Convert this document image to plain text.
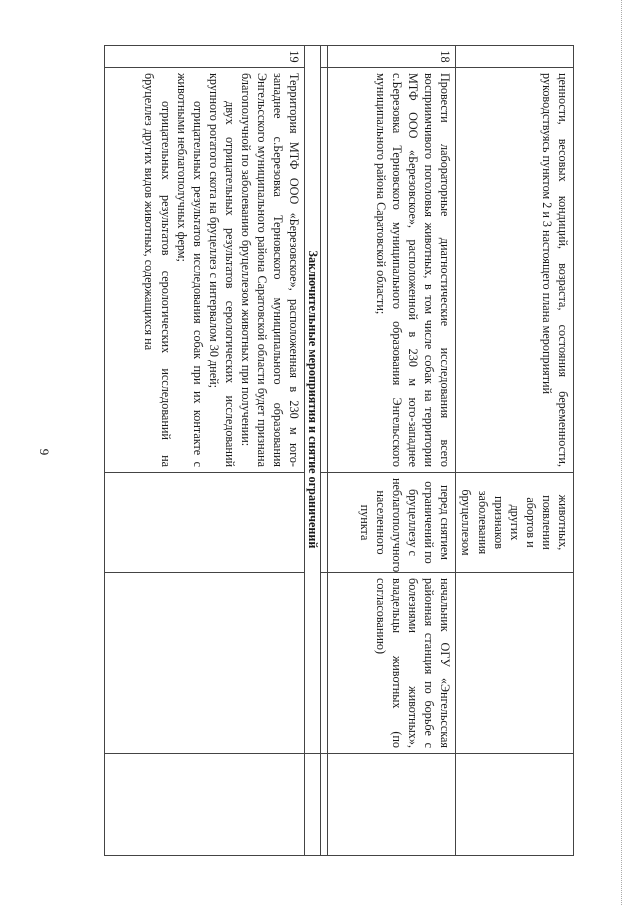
9
		ценности, весовых кондиций, возраста, состояния беременности, руководствуясь пунктом 2 и 3 настоящего плана мероприятий	животных, появлении абортов и других признаков заболевания бруцеллезом		
18	Провести лабораторные диагностические исследования всего восприимчивого поголовья животных, в том числе собак на территории МТФ ООО «Березовское», расположенной в 230 м юго-западнее с.Березовка Терновского муниципального образования Энгельсского муниципального района Саратовской области;	перед снятием ограничений по бруцеллезу с неблагополучного населенного пункта	начальник ОГУ «Энгельсская районная станция по борьбе с болезнями животных», владельцы животных (по согласованию)	

Заключительные мероприятия и снятие ограничений				
19	Территория МТФ ООО «Березовское», расположенная в 230 м юго-западнее с.Березовка Терновского муниципального образования Энгельсского муниципального района Саратовской области будет признана благополучной по заболеванию бруцеллезом животных при получении:

двух отрицательных результатов серологических исследований крупного рогатого скота на бруцеллез с интервалом 30 дней;

отрицательных результатов исследования собак при их контакте с животными неблагополучных ферм;

отрицательных результатов серологических исследований на бруцеллез других видов животных, содержащихся на			
